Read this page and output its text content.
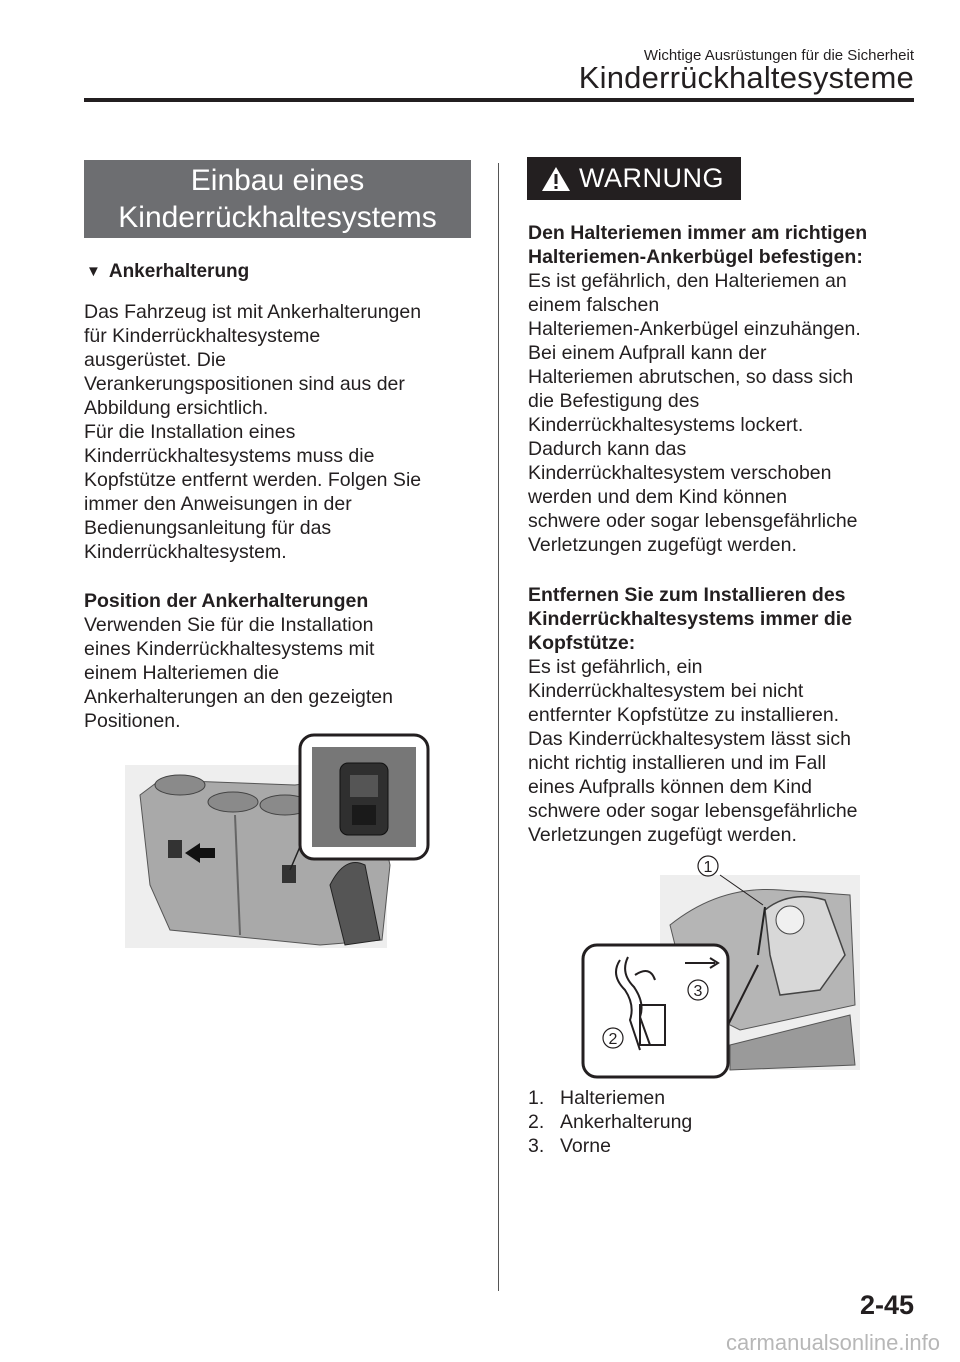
Wichtige Ausrüstungen für die Sicherheit
Kinderrückhaltesysteme
Einbau eines
Kinderrückhaltesystems
▼ Ankerhalterung
Das Fahrzeug ist mit Ankerhalterungen
für Kinderrückhaltesysteme
ausgerüstet. Die
Verankerungspositionen sind aus der
Abbildung ersichtlich.
Für die Installation eines
Kinderrückhaltesystems muss die
Kopfstütze entfernt werden. Folgen Sie
immer den Anweisungen in der
Bedienungsanleitung für das
Kinderrückhaltesystem.
Position der Ankerhalterungen
Verwenden Sie für die Installation
eines Kinderrückhaltesystems mit
einem Halteriemen die
Ankerhalterungen an den gezeigten
Positionen.
WARNUNG
Den Halteriemen immer am richtigen
Halteriemen-Ankerbügel befestigen:
Es ist gefährlich, den Halteriemen an
einem falschen
Halteriemen-Ankerbügel einzuhängen.
Bei einem Aufprall kann der
Halteriemen abrutschen, so dass sich
die Befestigung des
Kinderrückhaltesystems lockert.
Dadurch kann das
Kinderrückhaltesystem verschoben
werden und dem Kind können
schwere oder sogar lebensgefährliche
Verletzungen zugefügt werden.
Entfernen Sie zum Installieren des
Kinderrückhaltesystems immer die
Kopfstütze:
Es ist gefährlich, ein
Kinderrückhaltesystem bei nicht
entfernter Kopfstütze zu installieren.
Das Kinderrückhaltesystem lässt sich
nicht richtig installieren und im Fall
eines Aufpralls können dem Kind
schwere oder sogar lebensgefährliche
Verletzungen zugefügt werden.
1
3
2
1. Halteriemen
2. Ankerhalterung
3. Vorne
2-45
carmanualsonline.info
